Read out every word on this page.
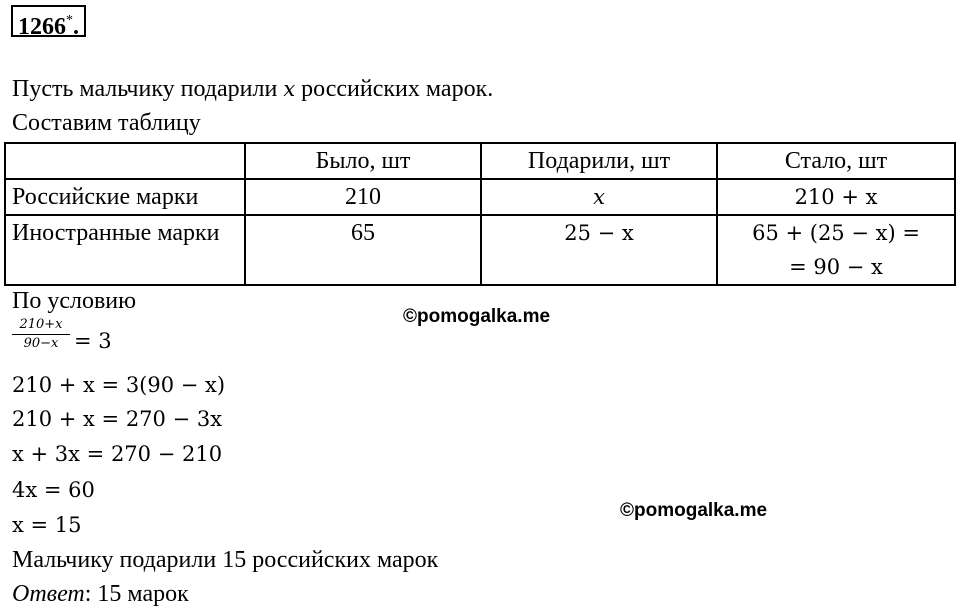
1266*.
Пусть мальчику подарили x российских марок.
Составим таблицу
	Было, шт	Подарили, шт	Стало, шт
Российские марки	210	x	210 + x
Иностранные марки	65	25 − x	65 + (25 − x) =
= 90 − x
По условию
$\frac{210+x}{90-x} = 3$
210 + x = 3(90 − x)
210 + x = 270 − 3x
x + 3x = 270 − 210
4x = 60
x = 15
Мальчику подарили 15 российских марок
Ответ: 15 марок
©pomogalka.me
©pomogalka.me
